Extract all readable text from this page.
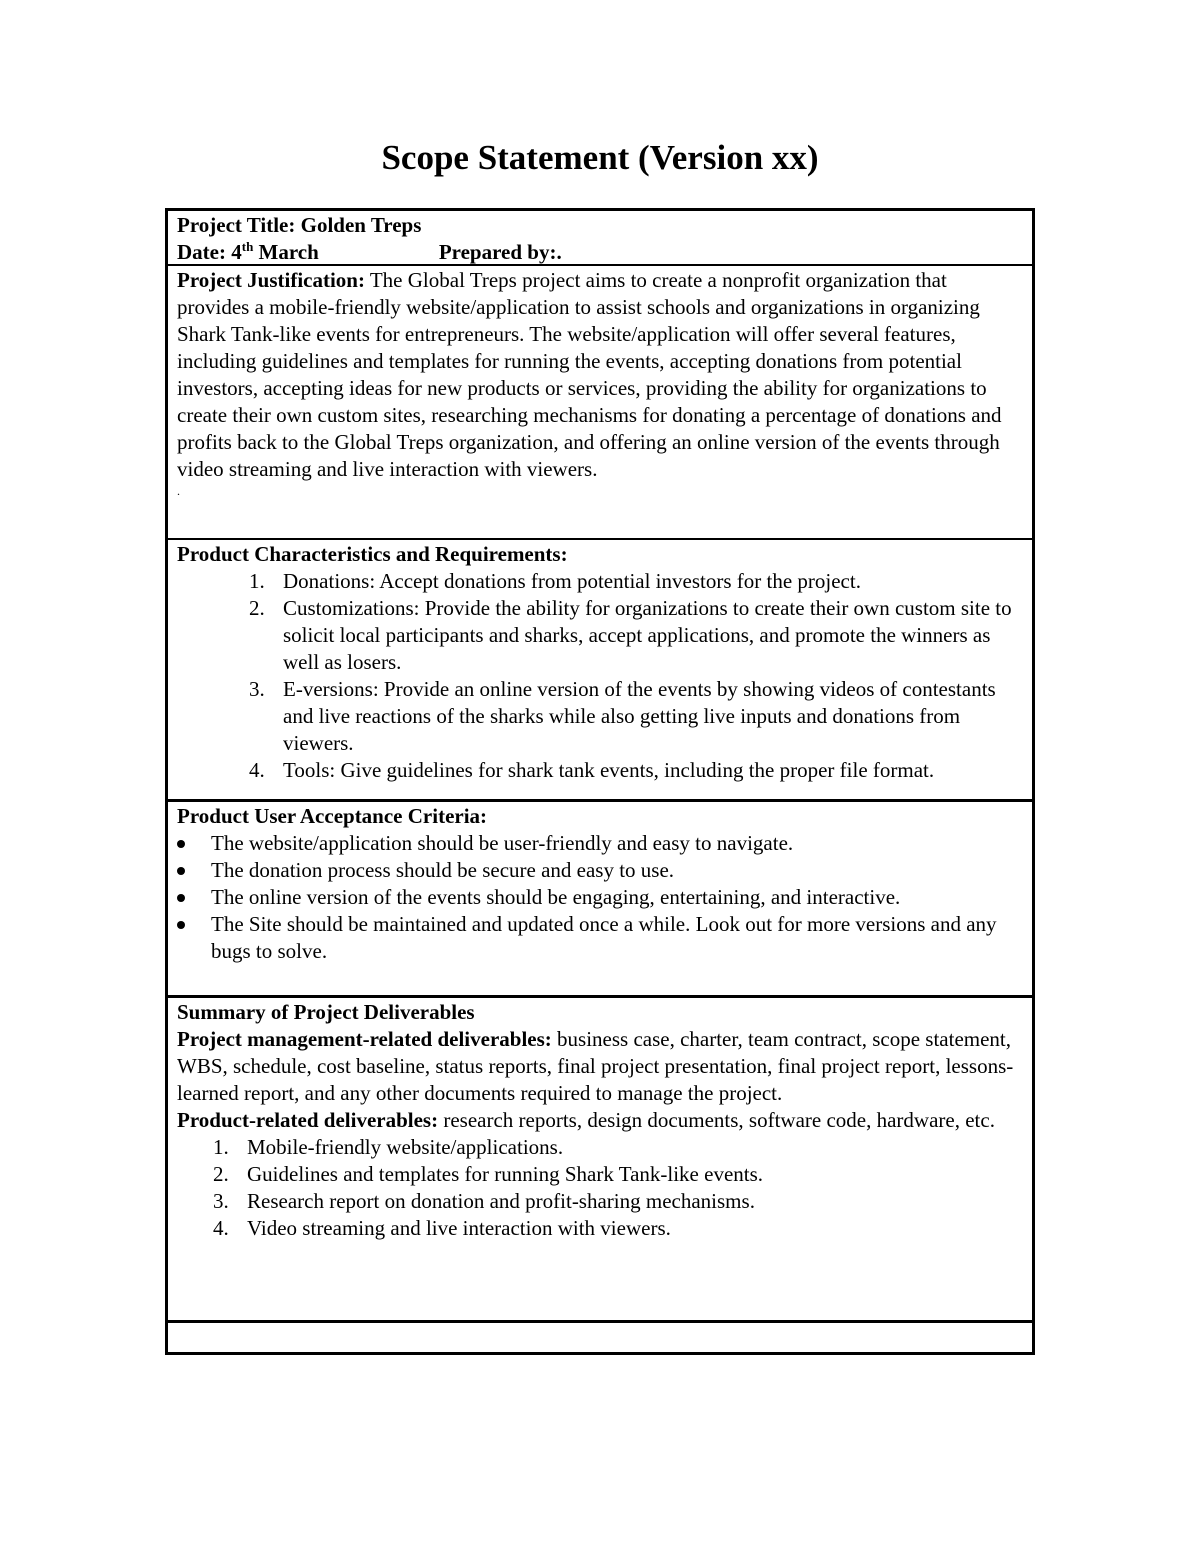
Scope Statement (Version xx)
Project Title: Golden Treps
Date: 4th March	Prepared by:.
Project Justification: The Global Treps project aims to create a nonprofit organization that provides a mobile-friendly website/application to assist schools and organizations in organizing Shark Tank-like events for entrepreneurs. The website/application will offer several features, including guidelines and templates for running the events, accepting donations from potential investors, accepting ideas for new products or services, providing the ability for organizations to create their own custom sites, researching mechanisms for donating a percentage of donations and profits back to the Global Treps organization, and offering an online version of the events through video streaming and live interaction with viewers.
.
Product Characteristics and Requirements:
1. Donations: Accept donations from potential investors for the project.
2. Customizations: Provide the ability for organizations to create their own custom site to solicit local participants and sharks, accept applications, and promote the winners as well as losers.
3. E-versions: Provide an online version of the events by showing videos of contestants and live reactions of the sharks while also getting live inputs and donations from viewers.
4. Tools: Give guidelines for shark tank events, including the proper file format.
Product User Acceptance Criteria:
The website/application should be user-friendly and easy to navigate.
The donation process should be secure and easy to use.
The online version of the events should be engaging, entertaining, and interactive.
The Site should be maintained and updated once a while. Look out for more versions and any bugs to solve.
Summary of Project Deliverables
Project management-related deliverables: business case, charter, team contract, scope statement, WBS, schedule, cost baseline, status reports, final project presentation, final project report, lessons-learned report, and any other documents required to manage the project.
Product-related deliverables: research reports, design documents, software code, hardware, etc.
1. Mobile-friendly website/applications.
2. Guidelines and templates for running Shark Tank-like events.
3. Research report on donation and profit-sharing mechanisms.
4. Video streaming and live interaction with viewers.
